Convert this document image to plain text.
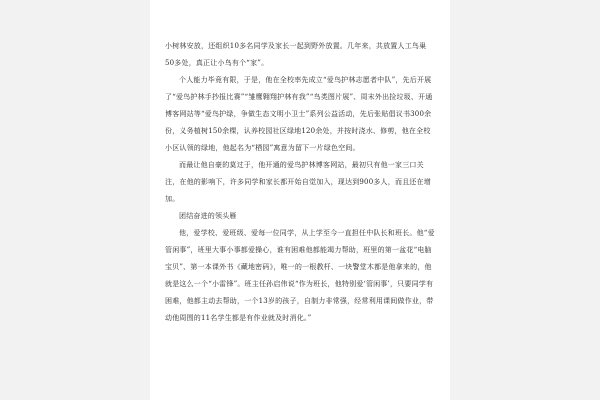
小树林安放，还组织10多名同学及家长一起到野外放置。几年来，共放置人工鸟巢50多处，真正让小鸟有个“家”。

个人能力毕竟有限，于是，他在全校率先成立“爱鸟护林志愿者中队”，先后开展了“爱鸟护林手抄报比赛”“雏鹰翱翔护林有我”“鸟类图片展”、周末外出捡垃圾、开通博客网站等“爱鸟护绿，争做生态文明小卫士”系列公益活动，先后张贴倡议书300余份，义务植树150余棵，认养校园社区绿地120余处，并按时浇水、修剪，他在全校小区认领的绿地，他起名为“栖园”寓意为留下一片绿色空间。

而最让他自豪的莫过于，他开通的爱鸟护林博客网站，最初只有他一家三口关注，在他的影响下，许多同学和家长都开始自觉加入，现达到900多人，而且还在增加。

团结奋进的领头雁

他，爱学校、爱班级、爱每一位同学，从上学至今一直担任中队长和班长。他“爱管闲事”，班里大事小事都爱操心，谁有困难他都能竭力帮助，班里的第一盆花“电脑宝贝”、第一本课外书《藏地密码》，唯一的一根教杆、一块警堂木都是他拿来的，他就是这么一个“小雷锋”。班主任孙启伟说“作为班长，他特别爱‘管闲事’，只要同学有困难，他都主动去帮助，一个13岁的孩子，自制力非常强，经常利用课间做作业，带动他周围的11名学生都是有作业就及时消化。”
